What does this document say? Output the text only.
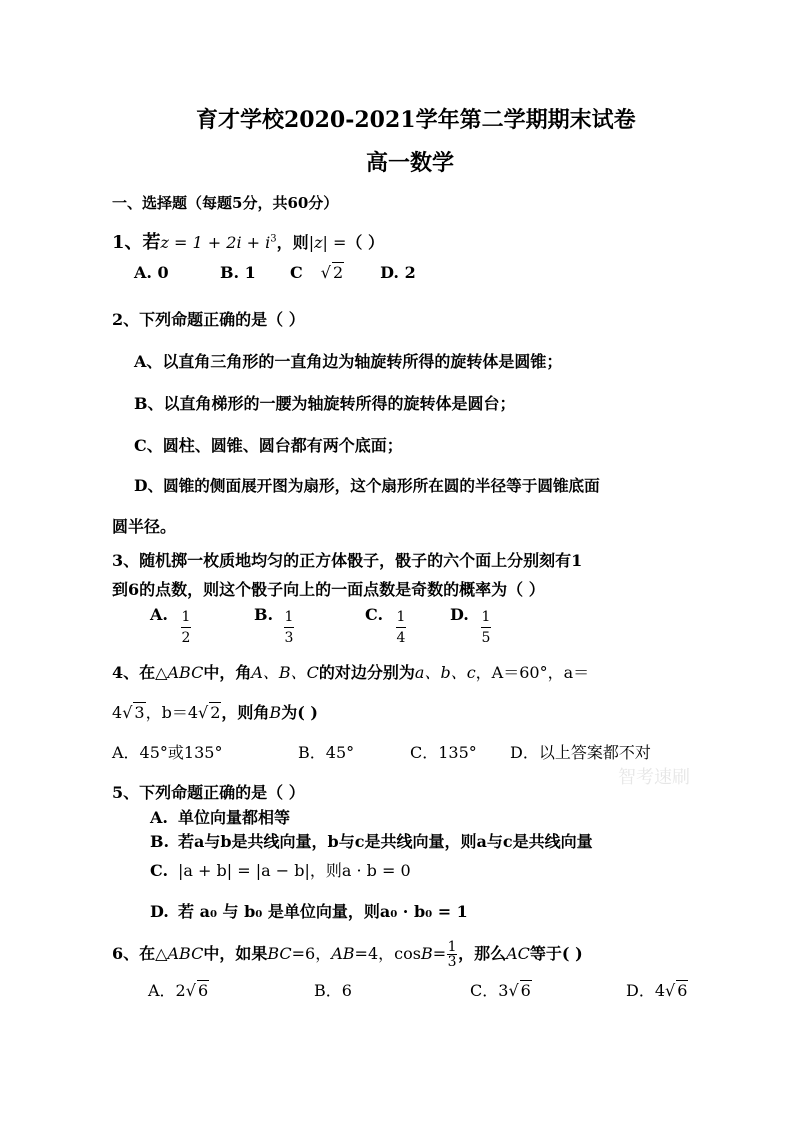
育才学校2020-2021学年第二学期期末试卷
高一数学
一、选择题（每题5分，共60分）
1、若$z = 1 + 2i + i^3$，则|z| =（ ）
A. 0	B. 1 C √ 2 D. 2
2、下列命题正确的是（ ）
A、以直角三角形的一直角边为轴旋转所得的旋转体是圆锥；
B、以直角梯形的一腰为轴旋转所得的旋转体是圆台；
C、圆柱、圆锥、圆台都有两个底面；
D、圆锥的侧面展开图为扇形，这个扇形所在圆的半径等于圆锥底面
圆半径。
3、随机掷一枚质地均匀的正方体骰子，骰子的六个面上分别刻有1
到6的点数，则这个骰子向上的一面点数是奇数的概率为（ ）
A. 1
2
B. 1
3
C. 1
4
D. 1
5
4、在△ABC中，角A、B、C的对边分别为a、b、c，A＝60°，a＝
4√ 3，b＝4√ 2，则角B为( )
A．45°或135°	B．45°	C．135° D．以上答案都不对
智考速刷
5、下列命题正确的是（ ）
A. 单位向量都相等
B. 若a与b是共线向量，b与c是共线向量，则a与c是共线向量
C. |a + b| = |a − b|，则a · b = 0
D. 若 a₀ 与 b₀ 是单位向量，则a₀ · b₀ = 1
6、在△ABC中，如果BC=6，AB=4，$\cos B= \frac{1}{3}$ ，那么AC等于( )
A．2√ 6	B．6	C．3√ 6	D．4√ 6
